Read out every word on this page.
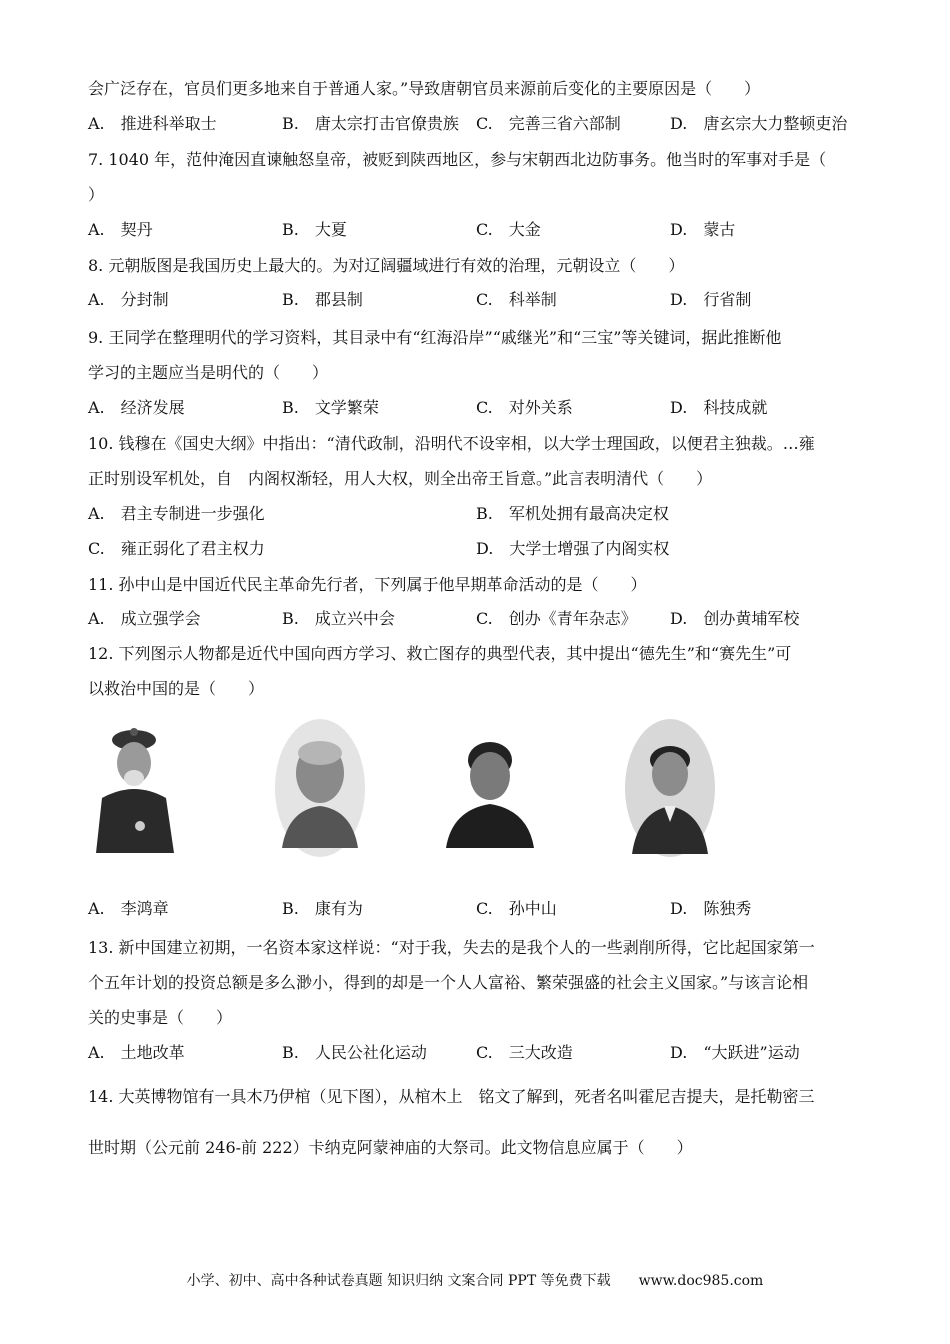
会广泛存在，官员们更多地来自于普通人家。”导致唐朝官员来源前后变化的主要原因是（　　）
7. 1040 年，范仲淹因直谏触怒皇帝，被贬到陕西地区，参与宋朝西北边防事务。他当时的军事对手是（
）
8. 元朝版图是我国历史上最大的。为对辽阔疆域进行有效的治理，元朝设立（　　）
9. 王同学在整理明代的学习资料，其目录中有“红海沿岸”“戚继光”和“三宝”等关键词，据此推断他
学习的主题应当是明代的（　　）
10. 钱穆在《国史大纲》中指出：“清代政制，沿明代不设宰相，以大学士理国政，以便君主独裁。…雍
正时别设军机处，自　内阁权渐轻，用人大权，则全出帝王旨意。”此言表明清代（　　）
11. 孙中山是中国近代民主革命先行者，下列属于他早期革命活动的是（　　）
12. 下列图示人物都是近代中国向西方学习、救亡图存的典型代表，其中提出“德先生”和“赛先生”可
以救治中国的是（　　）
13. 新中国建立初期，一名资本家这样说：“对于我，失去的是我个人的一些剥削所得，它比起国家第一
个五年计划的投资总额是多么渺小，得到的却是一个人人富裕、繁荣强盛的社会主义国家。”与该言论相
关的史事是（　　）
14. 大英博物馆有一具木乃伊棺（见下图），从棺木上　铭文了解到，死者名叫霍尼吉提夫，是托勒密三
世时期（公元前 246-前 222）卡纳克阿蒙神庙的大祭司。此文物信息应属于（　　）
A.　推进科举取士	B.　唐太宗打击官僚贵族 C.　完善三省六部制	D.　唐玄宗大力整顿吏治
A.　契丹	B.　大夏	C.　大金	D.　蒙古
A.　分封制	B.　郡县制	C.　科举制	D.　行省制
A.　经济发展	B.　文学繁荣	C.　对外关系	D.　科技成就
A.　成立强学会	B.　成立兴中会	C.　创办《青年杂志》 D.　创办黄埔军校
A.　李鸿章	B.　康有为	C.　孙中山	D.　陈独秀
A.　土地改革	B.　人民公社化运动	C.　三大改造	D.　“大跃进”运动
A.　君主专制进一步强化	B.　军机处拥有最高决定权
C.　雍正弱化了君主权力	D.　大学士增强了内阁实权
小学、初中、高中各种试卷真题 知识归纳 文案合同 PPT 等免费下载　　www.doc985.com
